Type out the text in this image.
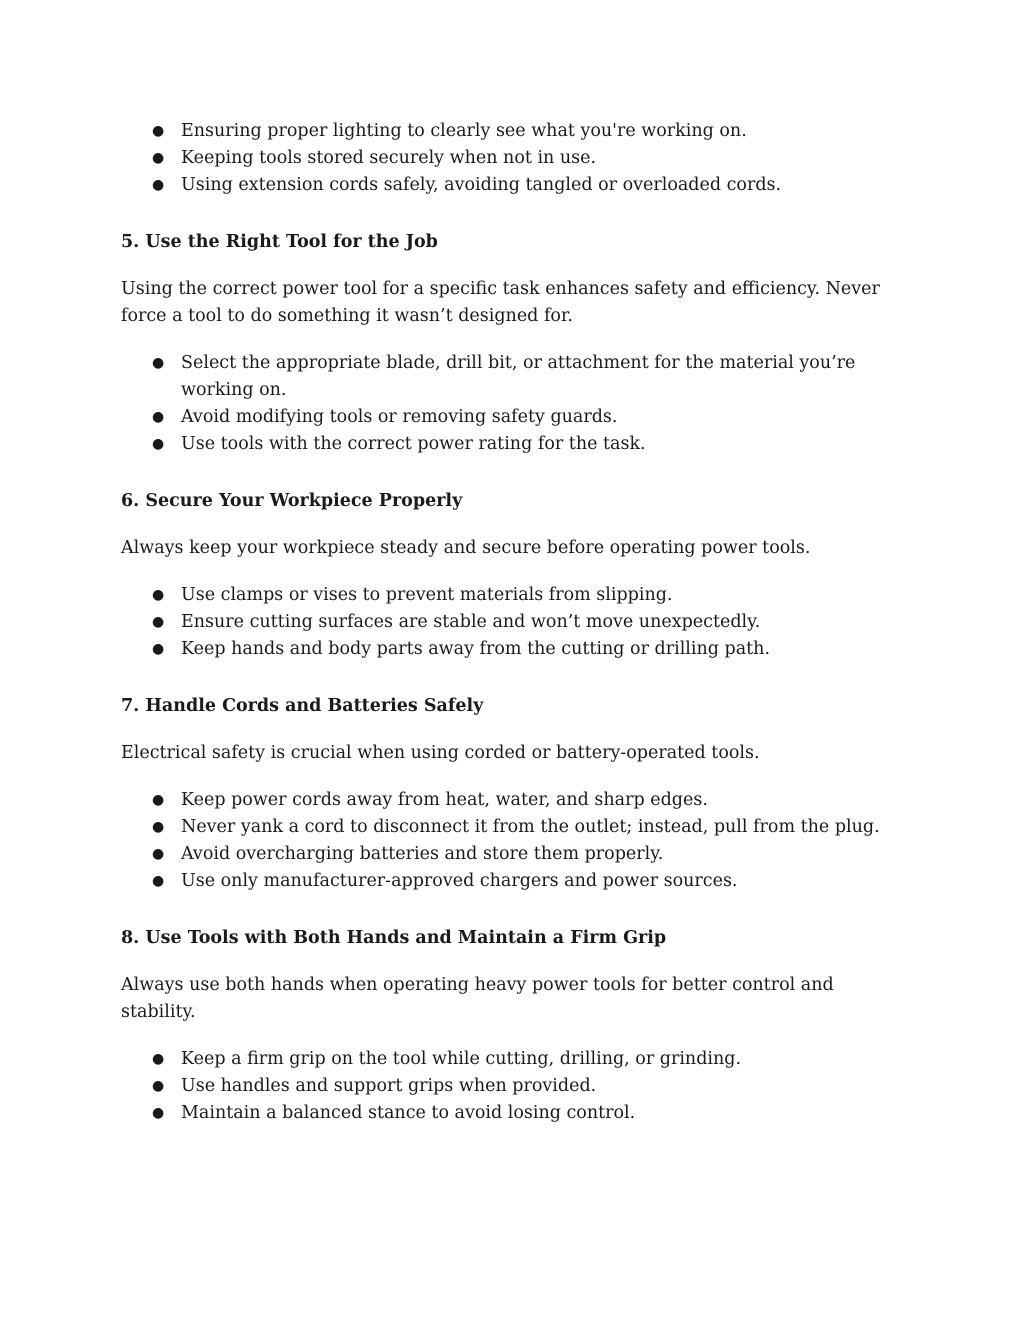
● Ensuring proper lighting to clearly see what you're working on.
● Keeping tools stored securely when not in use.
● Using extension cords safely, avoiding tangled or overloaded cords.
5. Use the Right Tool for the Job

Using the correct power tool for a specific task enhances safety and efficiency. Never force a tool to do something it wasn’t designed for.

● Select the appropriate blade, drill bit, or attachment for the material you’re working on.
● Avoid modifying tools or removing safety guards.
● Use tools with the correct power rating for the task.
6. Secure Your Workpiece Properly

Always keep your workpiece steady and secure before operating power tools.

● Use clamps or vises to prevent materials from slipping.
● Ensure cutting surfaces are stable and won’t move unexpectedly.
● Keep hands and body parts away from the cutting or drilling path.
7. Handle Cords and Batteries Safely

Electrical safety is crucial when using corded or battery-operated tools.

● Keep power cords away from heat, water, and sharp edges.
● Never yank a cord to disconnect it from the outlet; instead, pull from the plug.
● Avoid overcharging batteries and store them properly.
● Use only manufacturer-approved chargers and power sources.
8. Use Tools with Both Hands and Maintain a Firm Grip

Always use both hands when operating heavy power tools for better control and stability.

● Keep a firm grip on the tool while cutting, drilling, or grinding.
● Use handles and support grips when provided.
● Maintain a balanced stance to avoid losing control.
